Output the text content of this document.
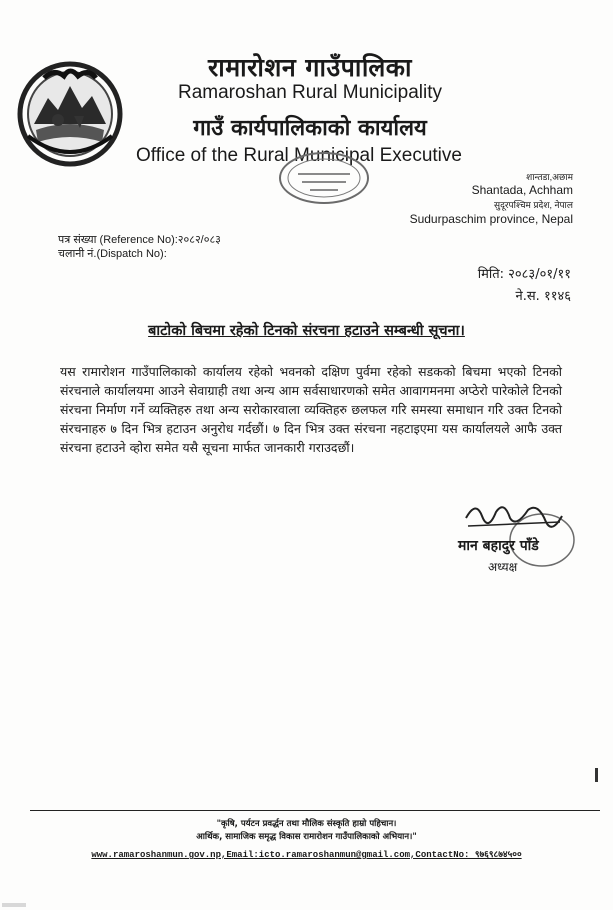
रामारोशन गाउँपालिका
Ramaroshan Rural Municipality
गाउँ कार्यपालिकाको कार्यालय
Office of the Rural Municipal Executive
शान्तडा,अछाम
Shantada, Achham
सुदूरपश्चिम प्रदेश, नेपाल
Sudurpaschim province, Nepal
पत्र संख्या (Reference No):२०८२/०८३
चलानी नं.(Dispatch No):
मिति: २०८३/०१/११
ने.स. ११४६
बाटोको बिचमा रहेको टिनको संरचना हटाउने सम्बन्धी सूचना।
यस रामारोशन गाउँपालिकाको कार्यालय रहेको भवनको दक्षिण पुर्वमा रहेको सडकको बिचमा भएको टिनको संरचनाले कार्यालयमा आउने सेवाग्राही तथा अन्य आम सर्वसाधारणको समेत आवागमनमा अप्ठेरो पारेकोले टिनको संरचना निर्माण गर्ने व्यक्तिहरु तथा अन्य सरोकारवाला व्यक्तिहरु छलफल गरि समस्या समाधान गरि उक्त टिनको संरचनाहरु ७ दिन भित्र हटाउन अनुरोध गर्दछौं। ७ दिन भित्र उक्त संरचना नहटाइएमा यस कार्यालयले आफै उक्त संरचना हटाउने व्होरा समेत यसै सूचना मार्फत जानकारी गराउदछौं।
मान बहादुर पाँडे
अध्यक्ष
"कृषि, पर्यटन प्रवर्द्धन तथा मौलिक संस्कृति हाम्रो पहिचान।
आर्थिक, सामाजिक समृद्ध विकास रामारोशन गाउँपालिकाको अभियान।"
www.ramaroshanmun.gov.np,Email:icto.ramaroshanmun@gmail.com,ContactNo: ९७६९८७४५००
